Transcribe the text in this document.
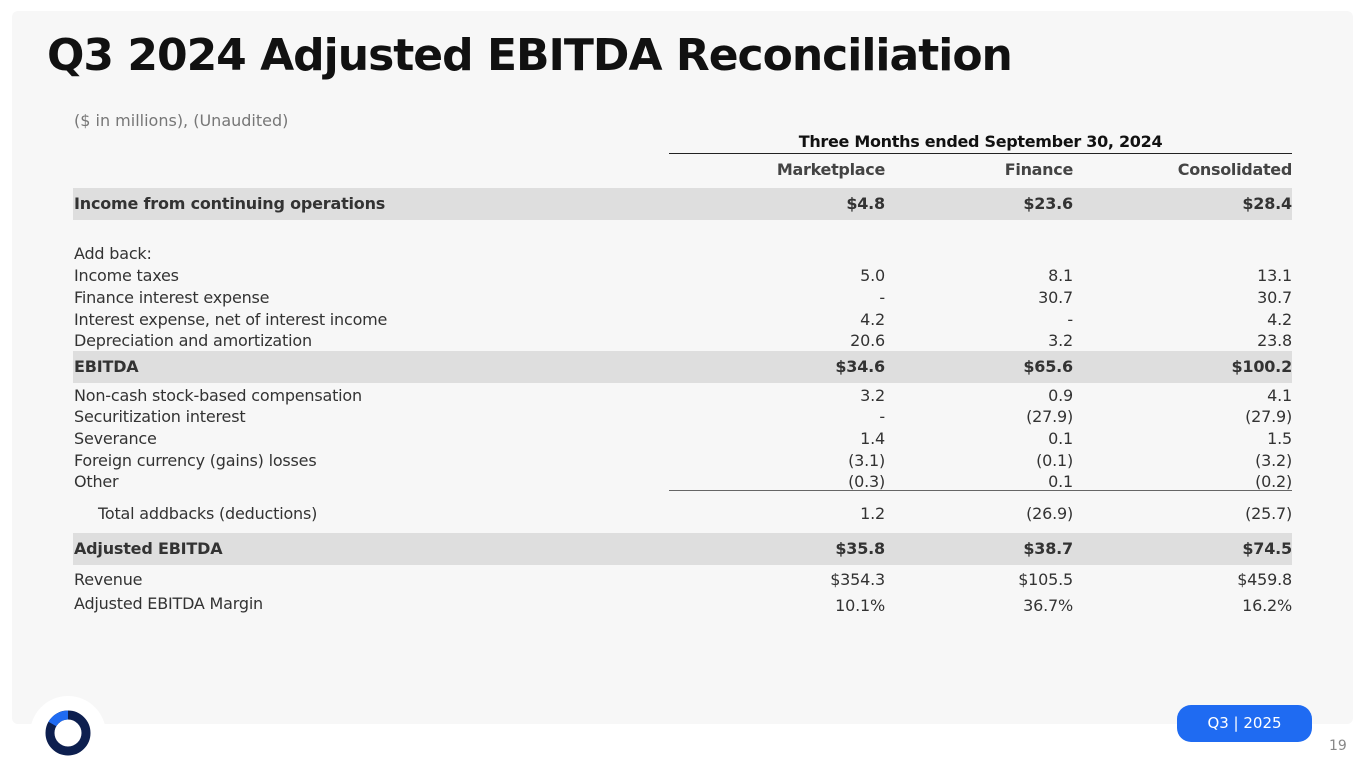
Q3 2024 Adjusted EBITDA Reconciliation
($ in millions), (Unaudited)
Three Months ended September 30, 2024
Marketplace	Finance	Consolidated
Income from continuing operations	$4.8	$23.6	$28.4
Add back:
Income taxes	5.0	8.1	13.1
Finance interest expense	-	30.7	30.7
Interest expense, net of interest income	4.2	-	4.2
Depreciation and amortization	20.6	3.2	23.8
EBITDA	$34.6	$65.6	$100.2
Non-cash stock-based compensation	3.2	0.9	4.1
Securitization interest	-	(27.9)	(27.9)
Severance	1.4	0.1	1.5
Foreign currency (gains) losses	(3.1)	(0.1)	(3.2)
Other	(0.3)	0.1	(0.2)
Total addbacks (deductions)	1.2	(26.9)	(25.7)
Adjusted EBITDA	$35.8	$38.7	$74.5
Revenue	$354.3	$105.5	$459.8
Adjusted EBITDA Margin	10.1%	36.7%	16.2%
Q3 | 2025
19
